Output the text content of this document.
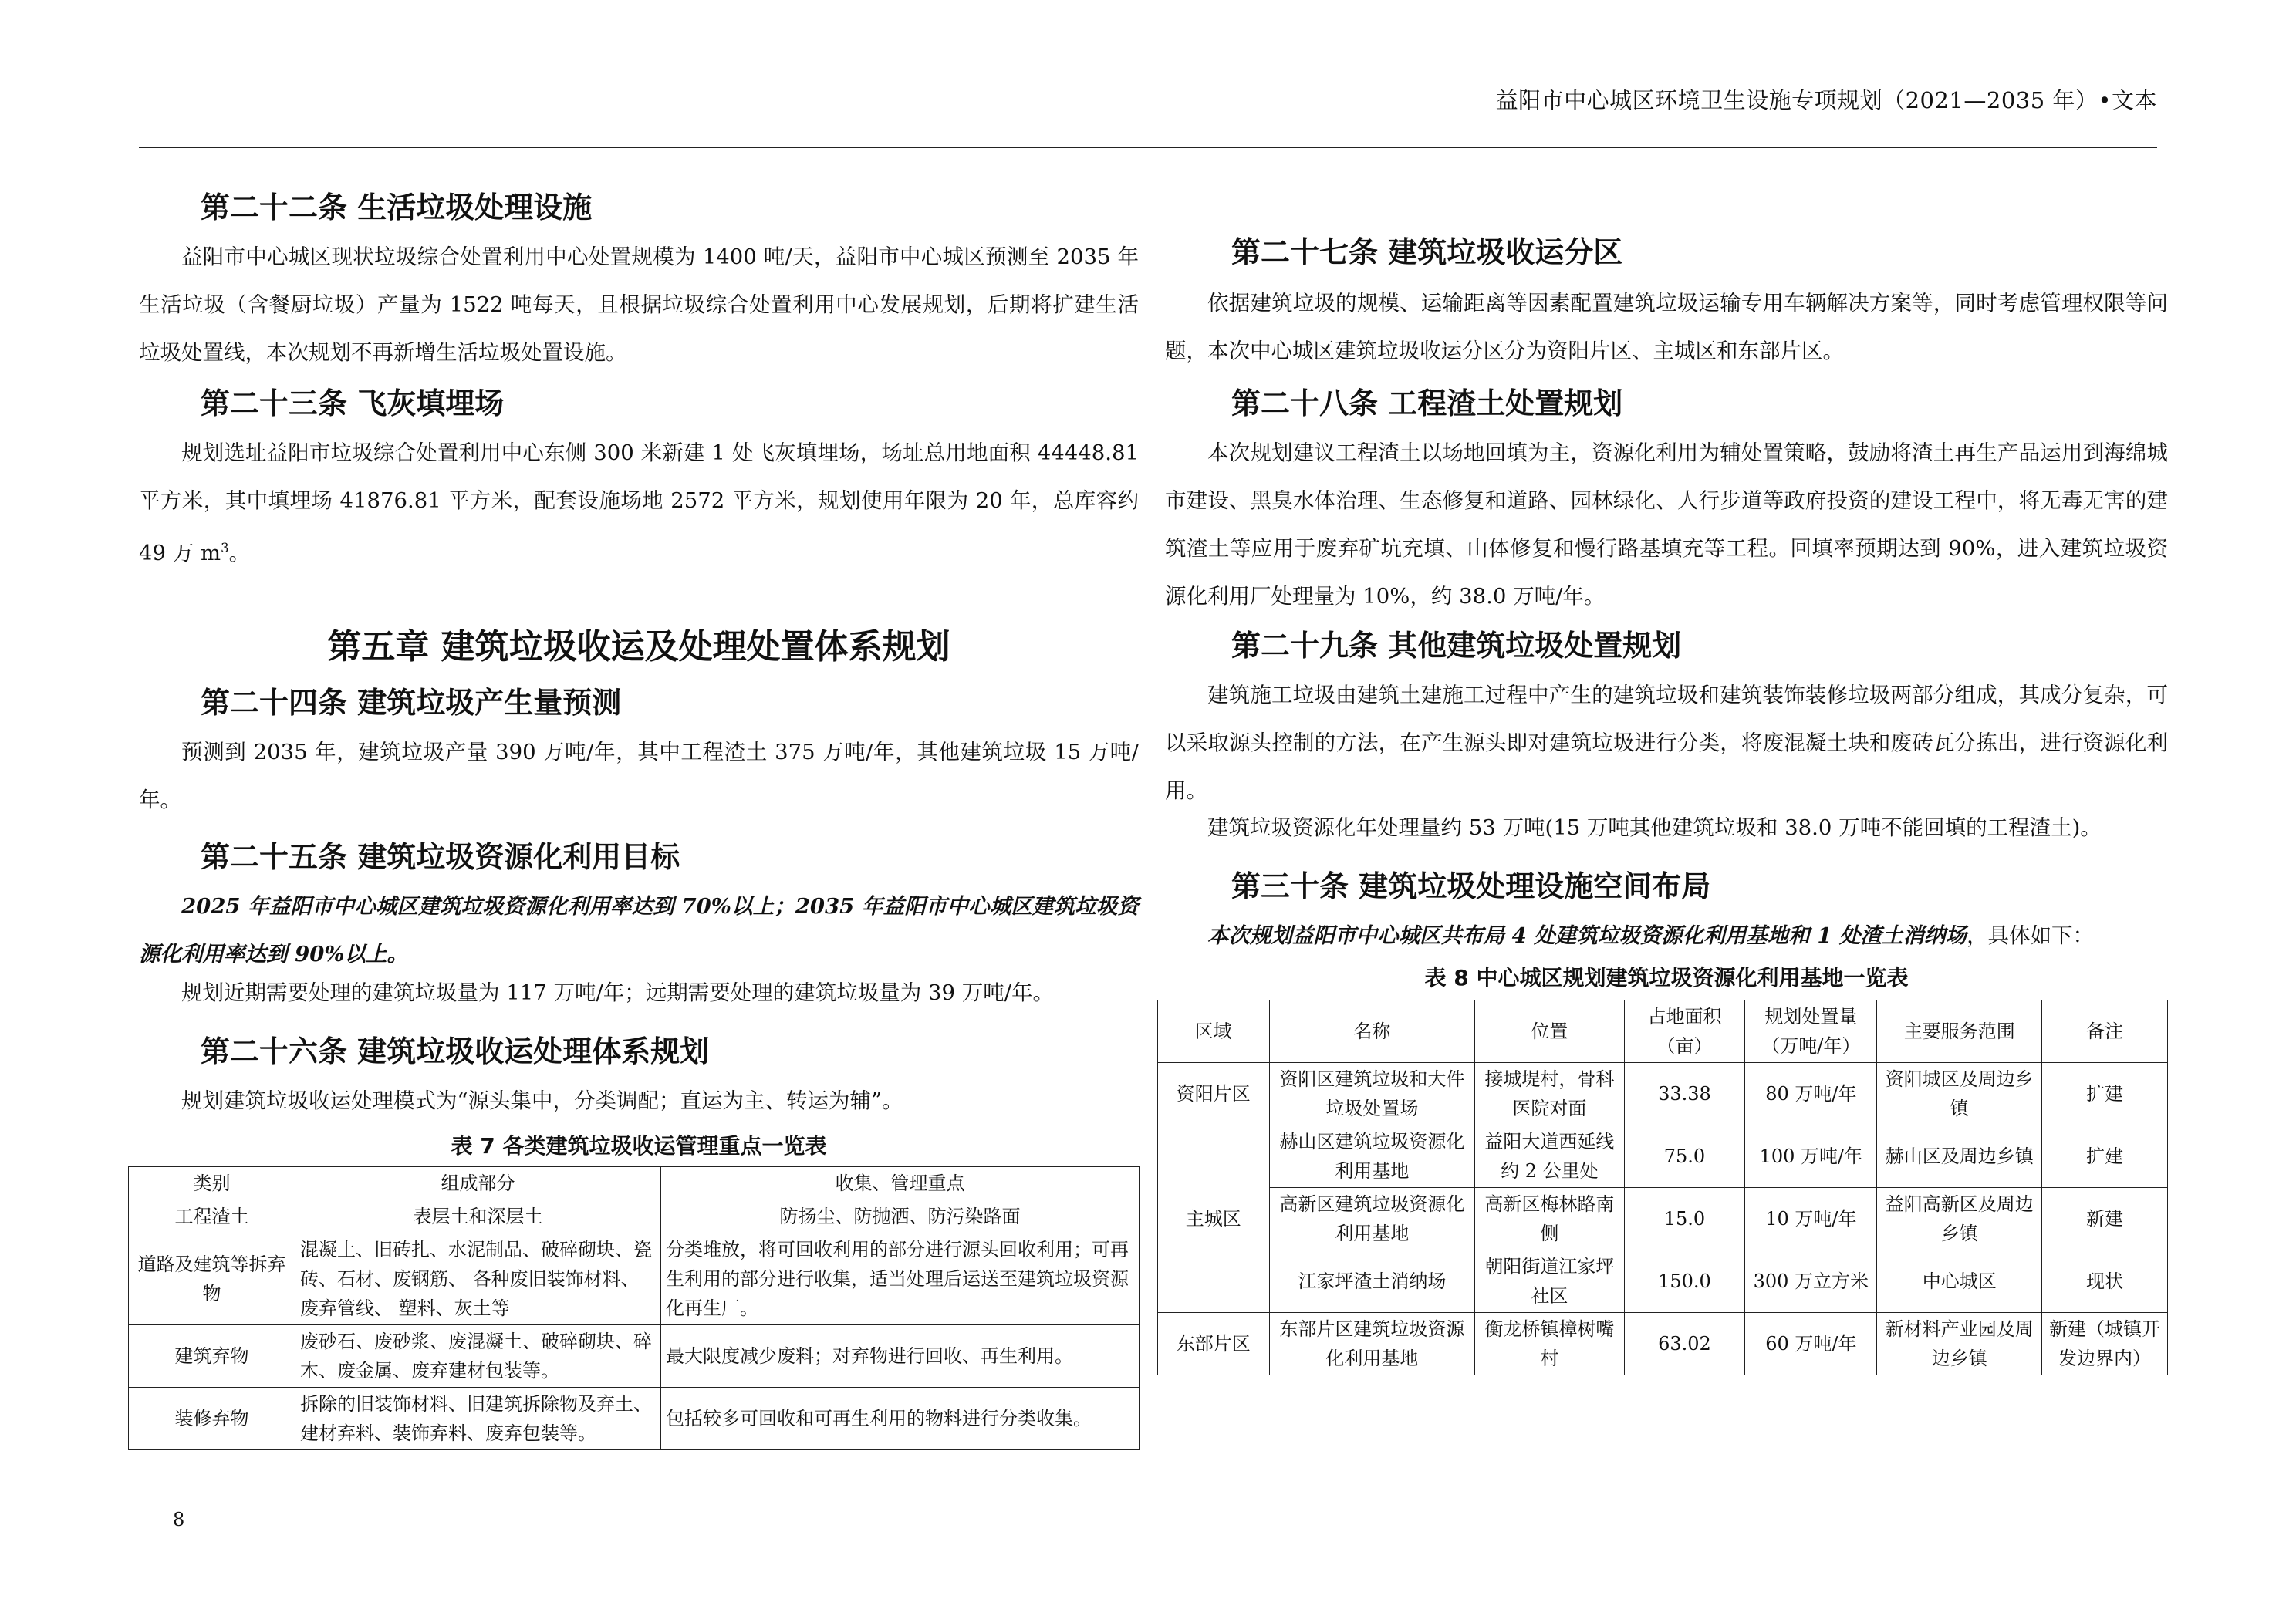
益阳市中心城区环境卫生设施专项规划（2021—2035 年）•文本
第二十二条 生活垃圾处理设施

益阳市中心城区现状垃圾综合处置利用中心处置规模为 1400 吨/天，益阳市中心城区预测至 2035 年生活垃圾（含餐厨垃圾）产量为 1522 吨每天，且根据垃圾综合处置利用中心发展规划，后期将扩建生活垃圾处置线，本次规划不再新增生活垃圾处置设施。

第二十三条 飞灰填埋场

规划选址益阳市垃圾综合处置利用中心东侧 300 米新建 1 处飞灰填埋场，场址总用地面积 44448.81 平方米，其中填埋场 41876.81 平方米，配套设施场地 2572 平方米，规划使用年限为 20 年，总库容约 49 万 $m^3$。

第五章 建筑垃圾收运及处理处置体系规划
第二十四条 建筑垃圾产生量预测

预测到 2035 年，建筑垃圾产量 390 万吨/年，其中工程渣土 375 万吨/年，其他建筑垃圾 15 万吨/年。

第二十五条 建筑垃圾资源化利用目标

2025 年益阳市中心城区建筑垃圾资源化利用率达到 70%以上；2035 年益阳市中心城区建筑垃圾资源化利用率达到 90%以上。

规划近期需要处理的建筑垃圾量为 117 万吨/年；远期需要处理的建筑垃圾量为 39 万吨/年。

第二十六条 建筑垃圾收运处理体系规划

规划建筑垃圾收运处理模式为“源头集中，分类调配；直运为主、转运为辅”。

表 7 各类建筑垃圾收运管理重点一览表

类别	组成部分	收集、管理重点
工程渣土	表层土和深层土	防扬尘、防抛洒、防污染路面
道路及建筑等拆弃物	混凝土、旧砖扎、水泥制品、破碎砌块、瓷砖、石材、废钢筋、 各种废旧装饰材料、废弃管线、 塑料、灰土等	分类堆放，将可回收利用的部分进行源头回收利用；可再生利用的部分进行收集，适当处理后运送至建筑垃圾资源化再生厂。
建筑弃物	废砂石、废砂浆、废混凝土、破碎砌块、碎木、废金属、废弃建材包装等。	最大限度减少废料；对弃物进行回收、再生利用。
装修弃物	拆除的旧装饰材料、旧建筑拆除物及弃土、建材弃料、装饰弃料、废弃包装等。	包括较多可回收和可再生利用的物料进行分类收集。
第二十七条 建筑垃圾收运分区

依据建筑垃圾的规模、运输距离等因素配置建筑垃圾运输专用车辆解决方案等，同时考虑管理权限等问题，本次中心城区建筑垃圾收运分区分为资阳片区、主城区和东部片区。

第二十八条 工程渣土处置规划

本次规划建议工程渣土以场地回填为主，资源化利用为辅处置策略，鼓励将渣土再生产品运用到海绵城市建设、黑臭水体治理、生态修复和道路、园林绿化、人行步道等政府投资的建设工程中，将无毒无害的建筑渣土等应用于废弃矿坑充填、山体修复和慢行路基填充等工程。回填率预期达到 90%，进入建筑垃圾资源化利用厂处理量为 10%，约 38.0 万吨/年。

第二十九条 其他建筑垃圾处置规划

建筑施工垃圾由建筑土建施工过程中产生的建筑垃圾和建筑装饰装修垃圾两部分组成，其成分复杂，可以采取源头控制的方法，在产生源头即对建筑垃圾进行分类，将废混凝土块和废砖瓦分拣出，进行资源化利用。

建筑垃圾资源化年处理量约 53 万吨(15 万吨其他建筑垃圾和 38.0 万吨不能回填的工程渣土)。

第三十条 建筑垃圾处理设施空间布局

本次规划益阳市中心城区共布局 4 处建筑垃圾资源化利用基地和 1 处渣土消纳场，具体如下：

表 8 中心城区规划建筑垃圾资源化利用基地一览表

区域	名称	位置	占地面积（亩）	规划处置量（万吨/年）	主要服务范围	备注
资阳片区	资阳区建筑垃圾和大件垃圾处置场	接城堤村，骨科医院对面	33.38	80 万吨/年	资阳城区及周边乡镇	扩建
主城区	赫山区建筑垃圾资源化利用基地	益阳大道西延线约 2 公里处	75.0	100 万吨/年	赫山区及周边乡镇	扩建
	高新区建筑垃圾资源化利用基地	高新区梅林路南侧	15.0	10 万吨/年	益阳高新区及周边乡镇	新建
	江家坪渣土消纳场	朝阳街道江家坪社区	150.0	300 万立方米	中心城区	现状
东部片区	东部片区建筑垃圾资源化利用基地	衡龙桥镇樟树嘴村	63.02	60 万吨/年	新材料产业园及周边乡镇	新建（城镇开发边界内）
8
